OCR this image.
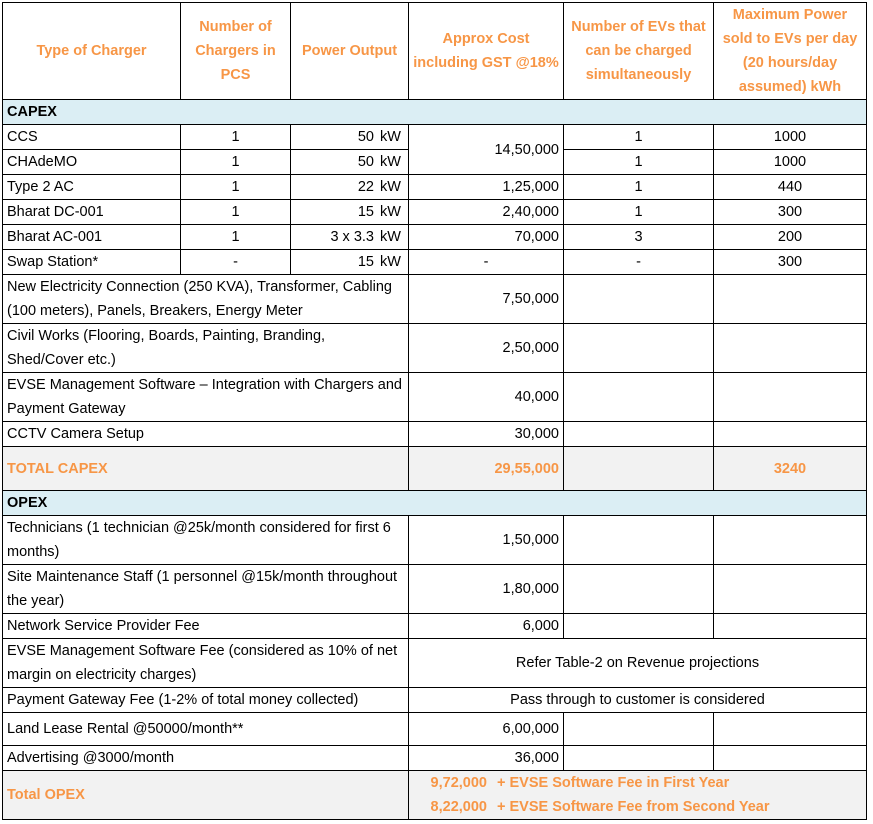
Type of Charger	Number of Chargers in PCS	Power Output	Approx Cost including GST @18%	Number of EVs that can be charged simultaneously	Maximum Power sold to EVs per day (20 hours/day assumed) kWh
CAPEX					
CCS	1	50 kW	14,50,000	1	1000
CHAdeMO	1	50 kW		1	1000
Type 2 AC	1	22 kW	1,25,000	1	440
Bharat DC-001	1	15 kW	2,40,000	1	300
Bharat AC-001	1	3 x 3.3 kW	70,000	3	200
Swap Station*	-	15 kW	-	-	300
New Electricity Connection (250 KVA), Transformer, Cabling (100 meters), Panels, Breakers, Energy Meter			7,50,000		
Civil Works (Flooring, Boards, Painting, Branding, Shed/Cover etc.)			2,50,000		
EVSE Management Software – Integration with Chargers and Payment Gateway			40,000		
CCTV Camera Setup			30,000		
TOTAL CAPEX			29,55,000		3240
OPEX					
Technicians (1 technician @25k/month considered for first 6 months)			1,50,000		
Site Maintenance Staff (1 personnel @15k/month throughout the year)			1,80,000		
Network Service Provider Fee			6,000		
EVSE Management Software Fee (considered as 10% of net margin on electricity charges)			Refer Table-2 on Revenue projections		
Payment Gateway Fee (1-2% of total money collected)			Pass through to customer is considered		
Land Lease Rental @50000/month**			6,00,000		
Advertising @3000/month			36,000		
Total OPEX			9,72,000 + EVSE Software Fee in First Year
8,22,000 + EVSE Software Fee from Second Year		
